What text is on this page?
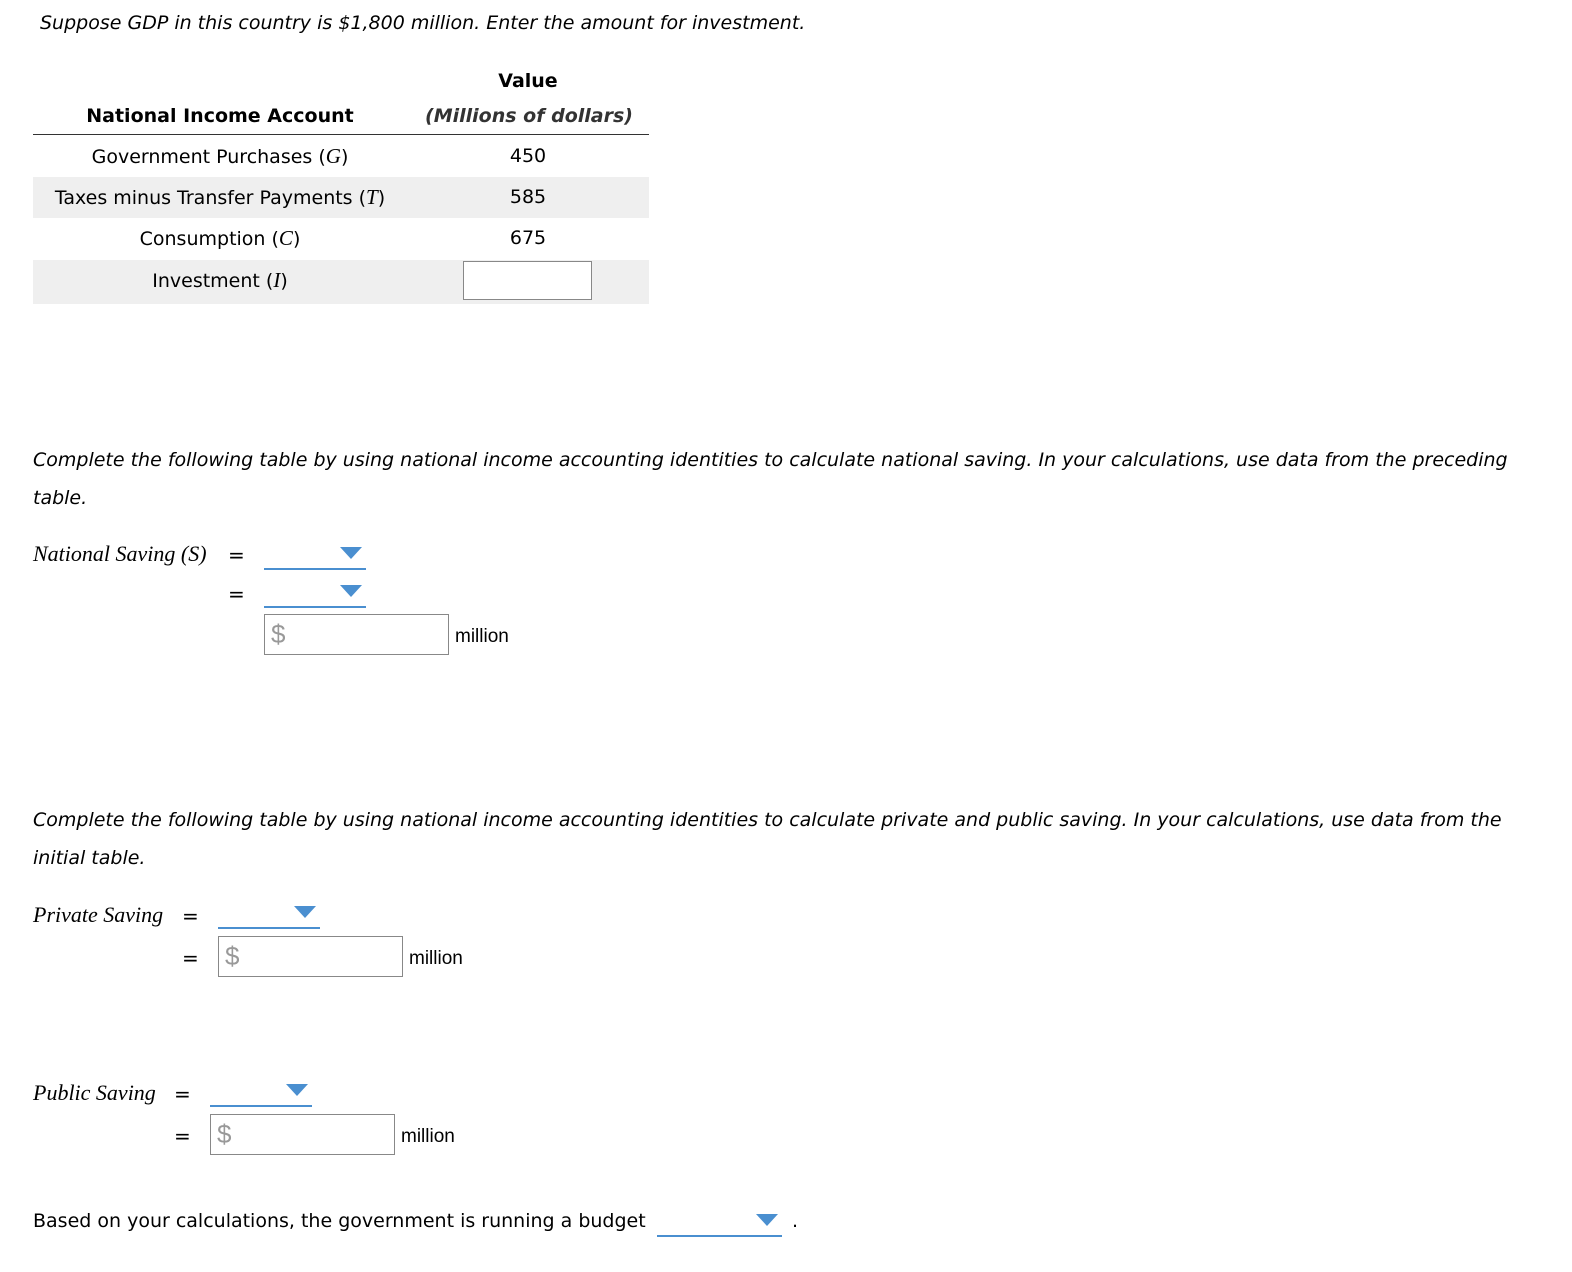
Suppose GDP in this country is $1,800 million. Enter the amount for investment.
Value
National Income Account	(Millions of dollars)
Government Purchases (G)	450
Taxes minus Transfer Payments (T)	585
Consumption (C)	675
Investment (I)
Complete the following table by using national income accounting identities to calculate national saving. In your calculations, use data from the preceding table.
National Saving (S) =
=
$	million
Complete the following table by using national income accounting identities to calculate private and public saving. In your calculations, use data from the initial table.
Private Saving =
= $	million
Public Saving =
= $	million
Based on your calculations, the government is running a budget	.
